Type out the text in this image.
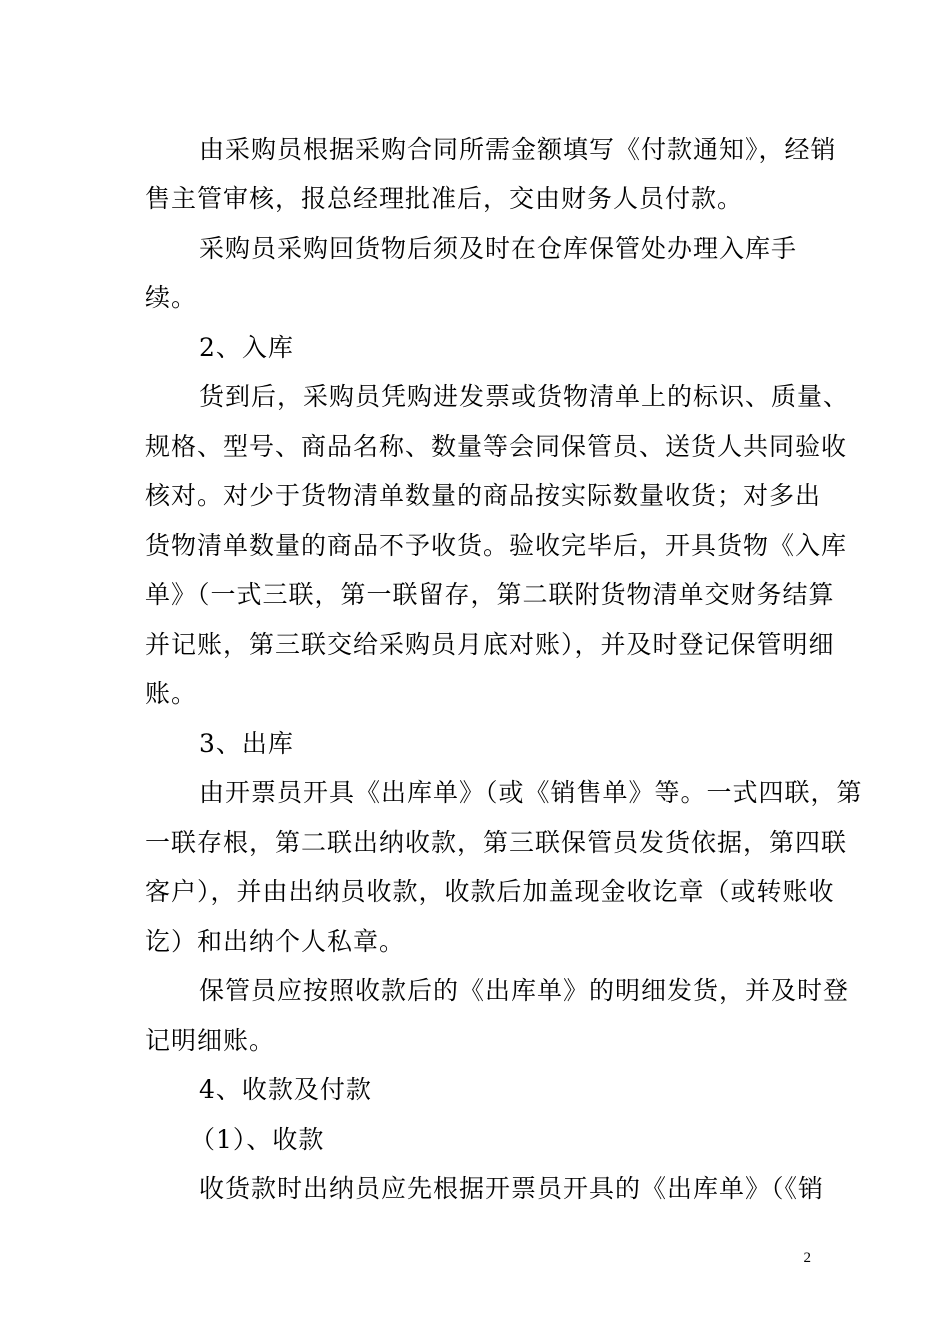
由采购员根据采购合同所需金额填写《付款通知》，经销
售主管审核，报总经理批准后，交由财务人员付款。
采购员采购回货物后须及时在仓库保管处办理入库手
续。
2、入库
货到后，采购员凭购进发票或货物清单上的标识、质量、
规格、型号、商品名称、数量等会同保管员、送货人共同验收
核对。对少于货物清单数量的商品按实际数量收货；对多出
货物清单数量的商品不予收货。验收完毕后，开具货物《入库
单》（一式三联，第一联留存，第二联附货物清单交财务结算
并记账，第三联交给采购员月底对账），并及时登记保管明细
账。
3、出库
由开票员开具《出库单》（或《销售单》等。一式四联，第
一联存根，第二联出纳收款，第三联保管员发货依据，第四联
客户），并由出纳员收款，收款后加盖现金收讫章（或转账收
讫）和出纳个人私章。
保管员应按照收款后的《出库单》的明细发货，并及时登
记明细账。
4、收款及付款
（1）、收款
收货款时出纳员应先根据开票员开具的《出库单》（《销
2
